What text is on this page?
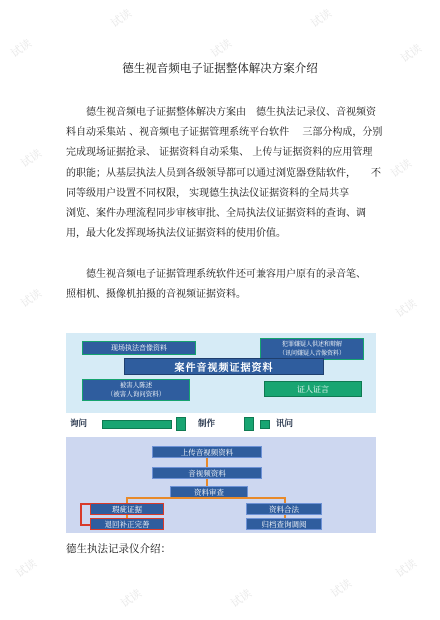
试读
试读
试读
试读
试读
试读	试读
试读	试读
试读
试读	试读	试读
试读
德生视音频电子证据整体解决方案介绍
德生视音频电子证据整体解决方案由　德生执法记录仪、音视频资
料自动采集站 、视音频电子证据管理系统平台软件　 三部分构成，分别
完成现场证据抢录、 证据资料自动采集、 上传与证据资料的应用管理
的职能；从基层执法人员到各级领导都可以通过浏览器登陆软件，　　不
同等级用户设置不同权限， 实现德生执法仪证据资料的全局共享
浏览、案件办理流程同步审核审批、全局执法仪证据资料的查询、调
用，最大化发挥现场执法仪证据资料的使用价值。
德生视音频电子证据管理系统软件还可兼容用户原有的录音笔、
照相机、摄像机拍摄的音视频证据资料。
现场执法音像资料	犯罪嫌疑人供述和辩解
（讯问嫌疑人音像资料）
案件音视频证据资料
被害人陈述
（被害人询问资料）
证人证言
询问	制作	讯问
上传音视频资料
音视频资料
资料审查
瑕疵证据	资料合法
退回补正完善	归档查询调阅
德生执法记录仪介绍：
